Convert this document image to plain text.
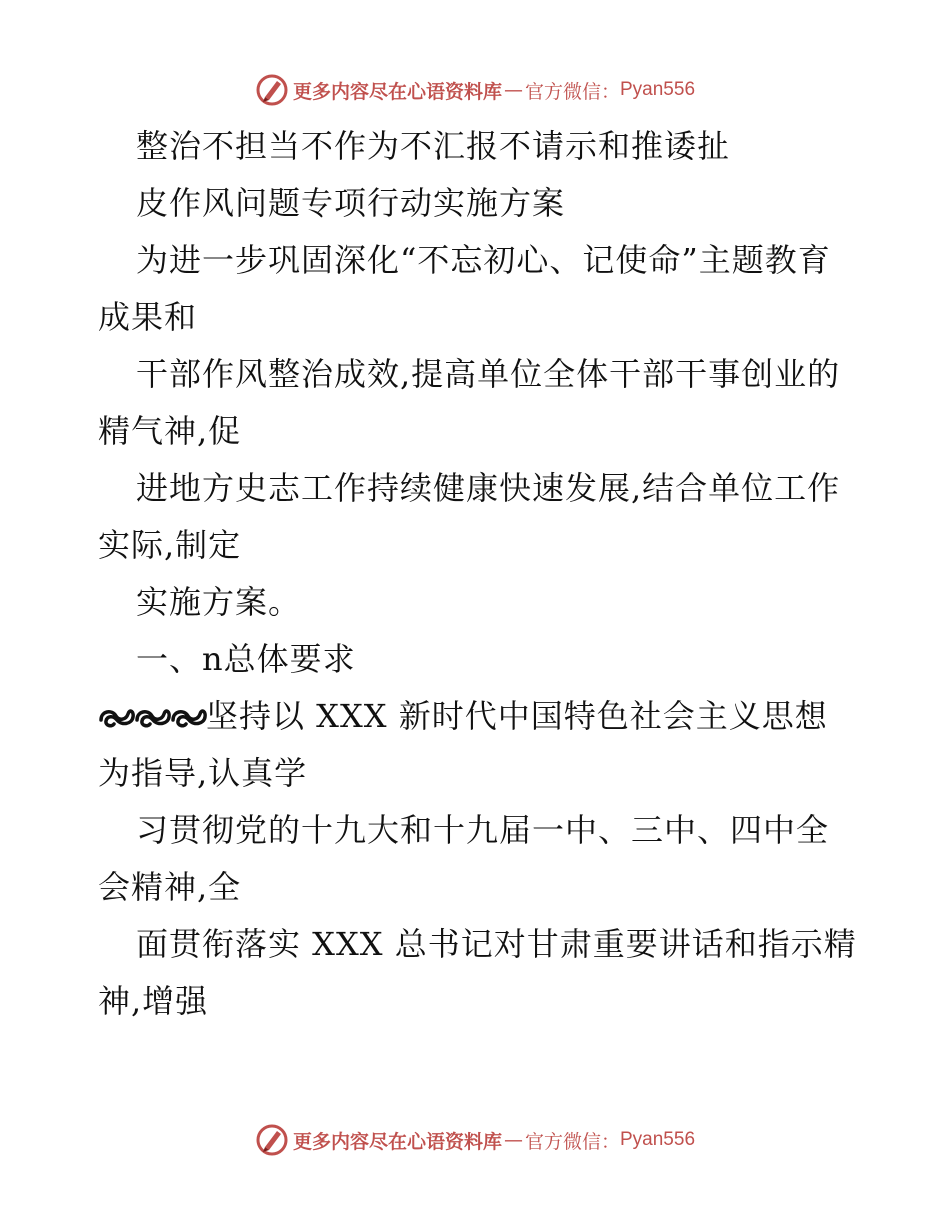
更多内容尽在心语资料库 — 官方微信： Pyan556

整治不担当不作为不汇报不请示和推诿扯

皮作风问题专项行动实施方案

为进一步巩固深化“不忘初心、记使命”主题教育成果和

干部作风整治成效,提高单位全体干部干事创业的精气神,促

进地方史志工作持续健康快速发展,结合单位工作实际,制定

实施方案。

一、n总体要求

坚持以 XXX 新时代中国特色社会主义思想为指导,认真学

习贯彻党的十九大和十九届一中、三中、四中全会精神,全

面贯衔落实 XXX 总书记对甘肃重要讲话和指示精神,增强

更多内容尽在心语资料库 — 官方微信： Pyan556
